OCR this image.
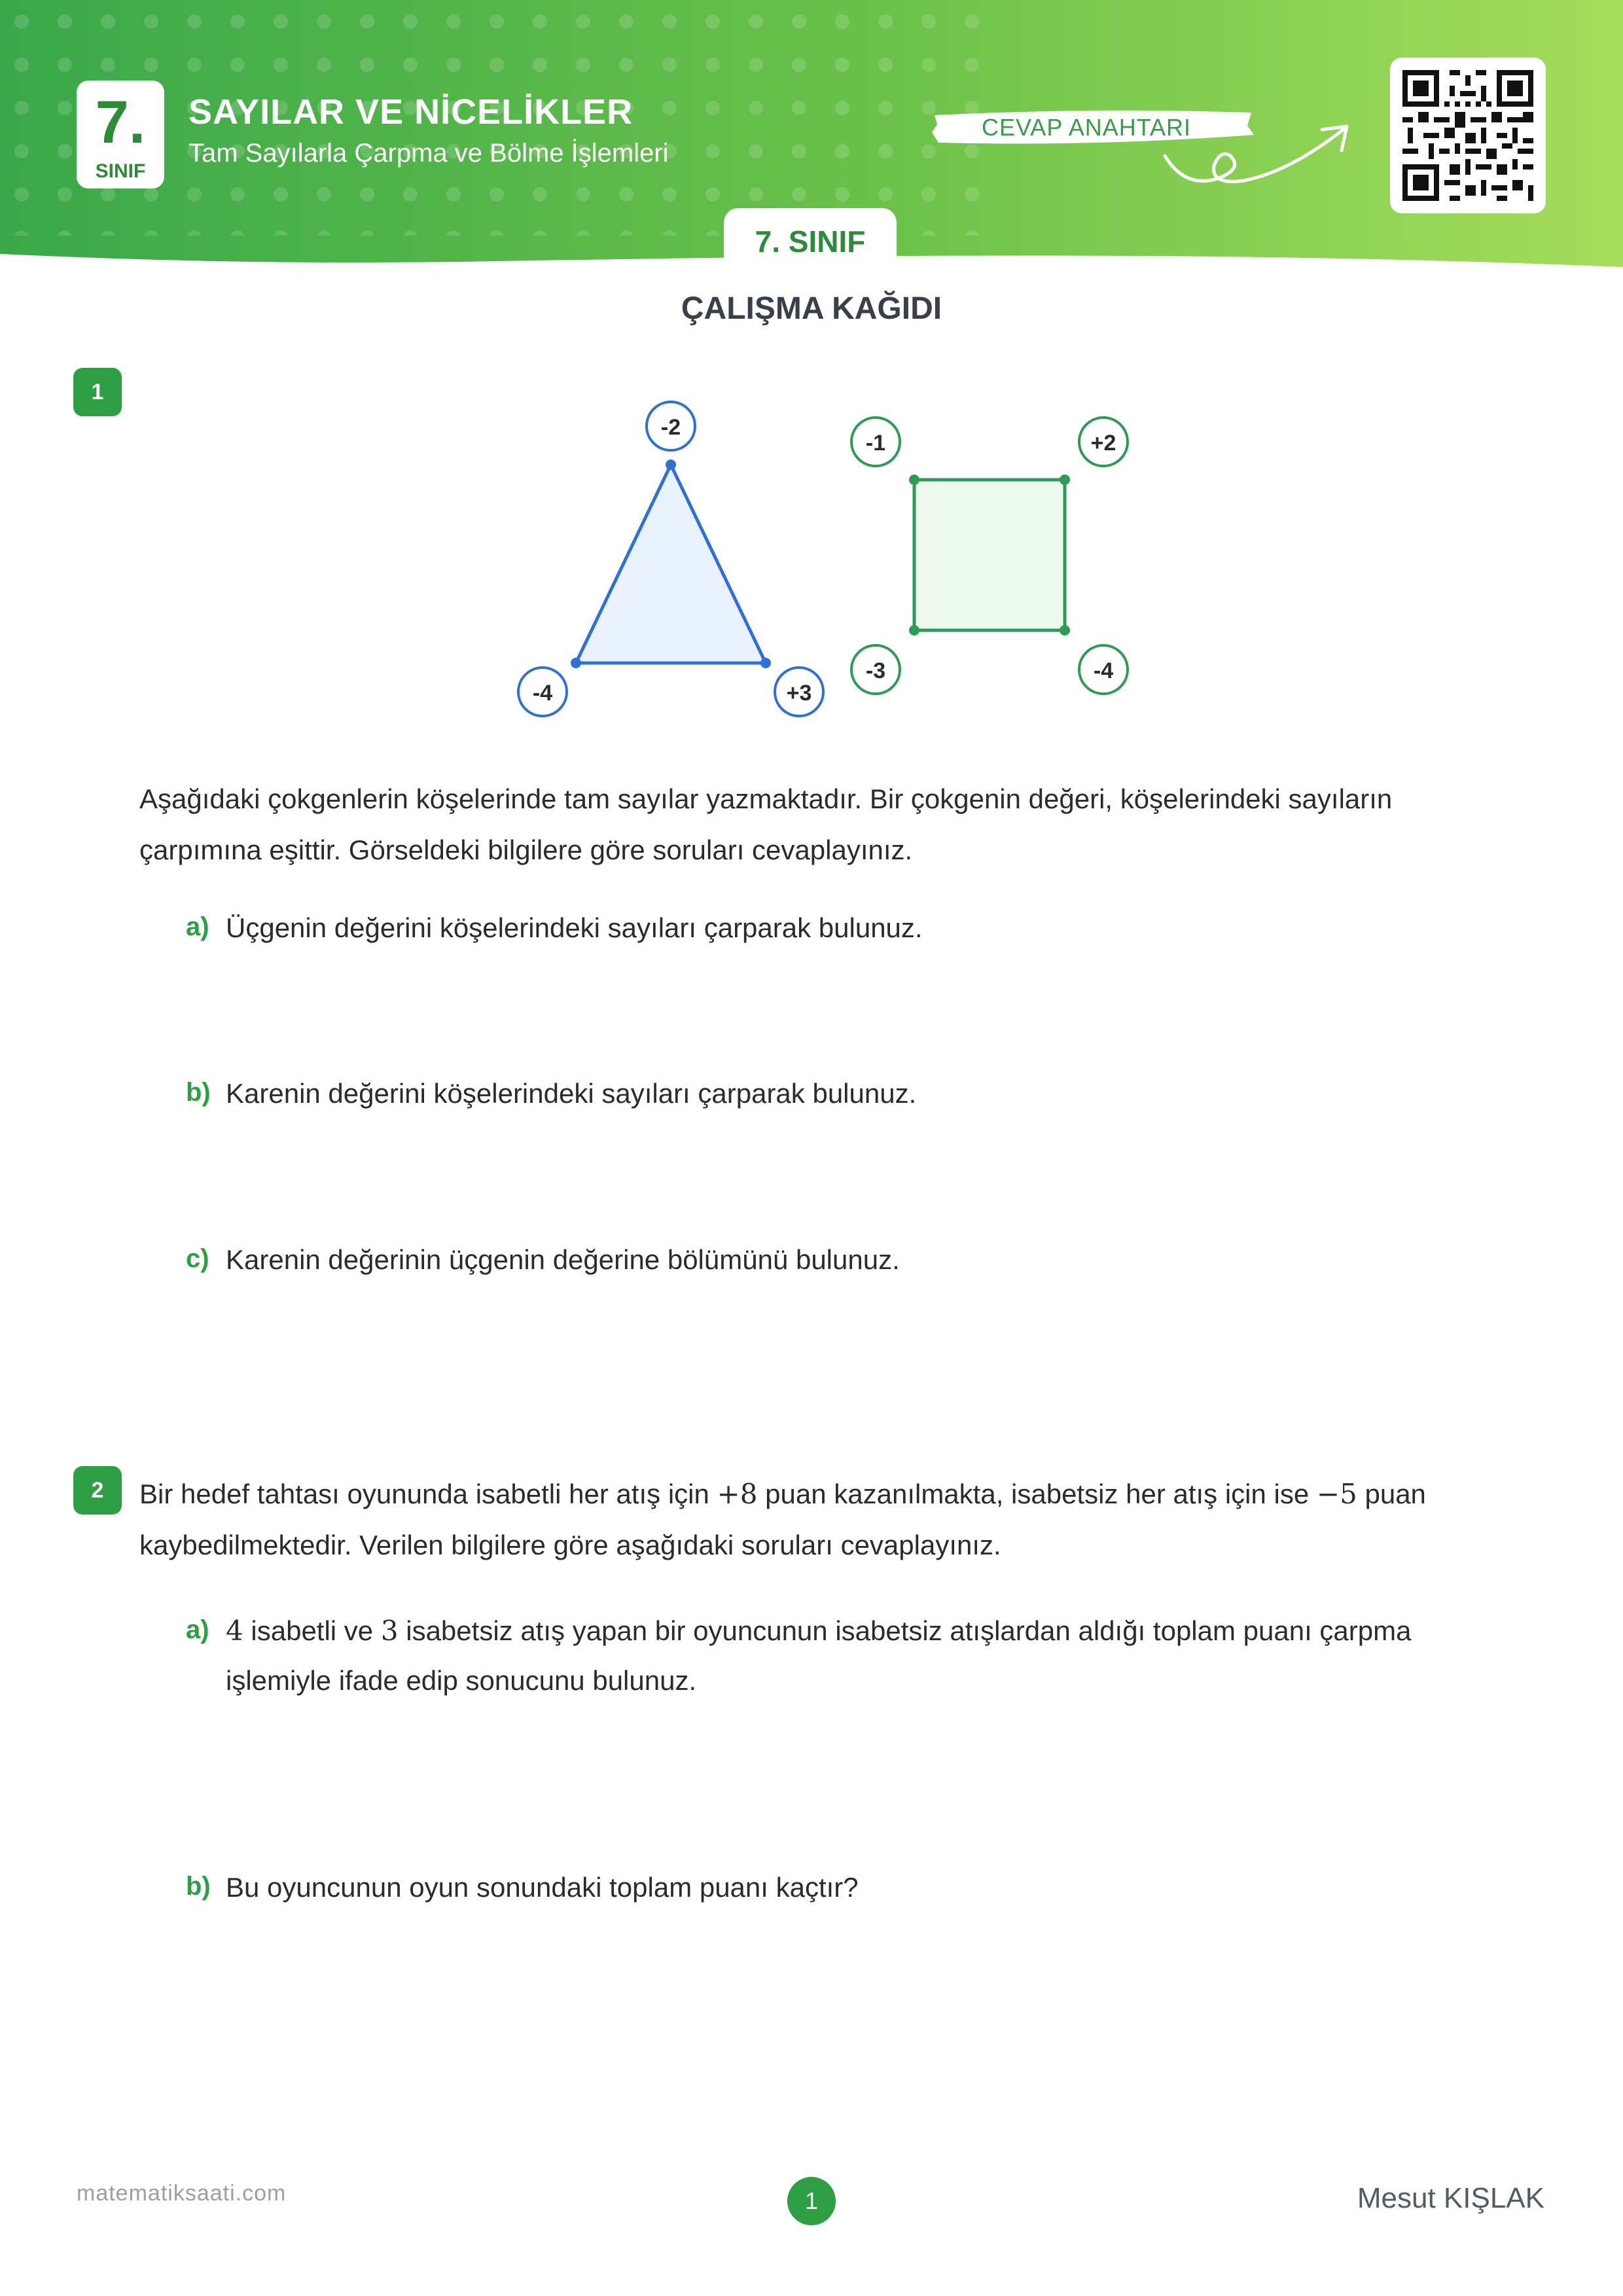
7.
SINIF
SAYILAR VE NİCELİKLER
Tam Sayılarla Çarpma ve Bölme İşlemleri
CEVAP ANAHTARI
7. SINIF
ÇALIŞMA KAĞIDI
1
-2
-4	+3
-1	+2
-3	-4
Aşağıdaki çokgenlerin köşelerinde tam sayılar yazmaktadır. Bir çokgenin değeri, köşelerindeki sayıların
çarpımına eşittir. Görseldeki bilgilere göre soruları cevaplayınız.
a) Üçgenin değerini köşelerindeki sayıları çarparak bulunuz.
b) Karenin değerini köşelerindeki sayıları çarparak bulunuz.
c) Karenin değerinin üçgenin değerine bölümünü bulunuz.
2	Bir hedef tahtası oyununda isabetli her atış için +8 puan kazanılmakta, isabetsiz her atış için ise −5 puan
kaybedilmektedir. Verilen bilgilere göre aşağıdaki soruları cevaplayınız.
a) 4 isabetli ve 3 isabetsiz atış yapan bir oyuncunun isabetsiz atışlardan aldığı toplam puanı çarpma
işlemiyle ifade edip sonucunu bulunuz.
b) Bu oyuncunun oyun sonundaki toplam puanı kaçtır?
matematiksaati.com	1	Mesut KIŞLAK
